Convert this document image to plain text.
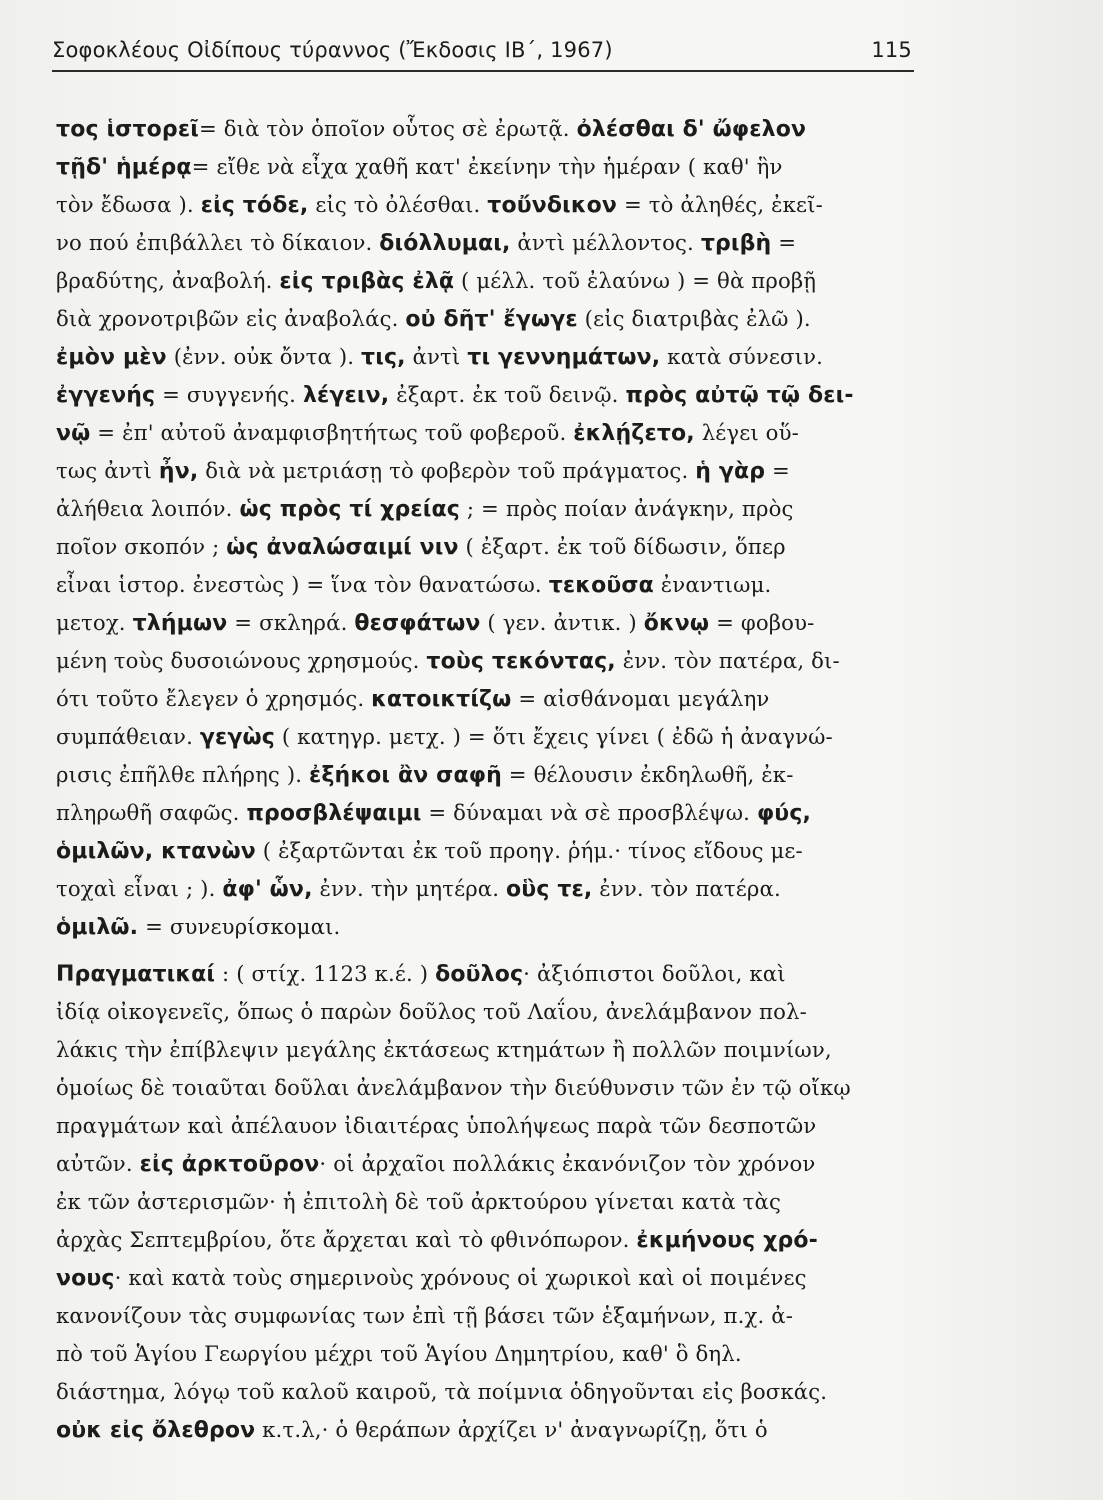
Σοφοκλέους Οἰδίπους τύραννος (Ἔκδοσις ΙΒ΄, 1967)	115
τος ἱστορεῖ= διὰ τὸν ὁποῖον οὗτος σὲ ἐρωτᾷ. ὀλέσθαι δ' ὤφελον
τῇδ' ἡμέρᾳ= εἴθε νὰ εἶχα χαθῆ κατ' ἐκείνην τὴν ἡμέραν ( καθ' ἣν
τὸν ἔδωσα ). εἰς τόδε, εἰς τὸ ὀλέσθαι. τοὔνδικον = τὸ ἀληθές, ἐκεῖ-
νο πού ἐπιβάλλει τὸ δίκαιον. διόλλυμαι, ἀντὶ μέλλοντος. τριβὴ =
βραδύτης, ἀναβολή. εἰς τριβὰς ἐλᾷ ( μέλλ. τοῦ ἐλαύνω ) = θὰ προβῇ
διὰ χρονοτριβῶν εἰς ἀναβολάς. οὐ δῆτ' ἔγωγε (εἰς διατριβὰς ἐλῶ ).
ἐμὸν μὲν (ἐνν. οὐκ ὄντα ). τις, ἀντὶ τι γεννημάτων, κατὰ σύνεσιν.
ἐγγενής = συγγενής. λέγειν, ἐξαρτ. ἐκ τοῦ δεινῷ. πρὸς αὐτῷ τῷ δει-
νῷ = ἐπ' αὐτοῦ ἀναμφισβητήτως τοῦ φοβεροῦ. ἐκλῄζετο, λέγει οὕ-
τως ἀντὶ ἦν, διὰ νὰ μετριάσῃ τὸ φοβερὸν τοῦ πράγματος. ἡ γὰρ =
ἀλήθεια λοιπόν. ὡς πρὸς τί χρείας ; = πρὸς ποίαν ἀνάγκην, πρὸς
ποῖον σκοπόν ; ὡς ἀναλώσαιμί νιν ( ἐξαρτ. ἐκ τοῦ δίδωσιν, ὅπερ
εἶναι ἱστορ. ἐνεστὼς ) = ἵνα τὸν θανατώσω. τεκοῦσα ἐναντιωμ.
μετοχ. τλήμων = σκληρά. θεσφάτων ( γεν. ἀντικ. ) ὄκνῳ = φοβου-
μένη τοὺς δυσοιώνους χρησμούς. τοὺς τεκόντας, ἐνν. τὸν πατέρα, δι-
ότι τοῦτο ἔλεγεν ὁ χρησμός. κατοικτίζω = αἰσθάνομαι μεγάλην
συμπάθειαν. γεγὼς ( κατηγρ. μετχ. ) = ὅτι ἔχεις γίνει ( ἐδῶ ἡ ἀναγνώ-
ρισις ἐπῆλθε πλήρης ). ἐξήκοι ἂν σαφῆ = θέλουσιν ἐκδηλωθῆ, ἐκ-
πληρωθῆ σαφῶς. προσβλέψαιμι = δύναμαι νὰ σὲ προσβλέψω. φύς,
ὁμιλῶν, κτανὼν ( ἐξαρτῶνται ἐκ τοῦ προηγ. ῥήμ.· τίνος εἴδους με-
τοχαὶ εἶναι ; ). ἀφ' ὧν, ἐνν. τὴν μητέρα. οὓς τε, ἐνν. τὸν πατέρα.
ὁμιλῶ. = συνευρίσκομαι.
Πραγματικαί : ( στίχ. 1123 κ.έ. ) δοῦλος· ἀξιόπιστοι δοῦλοι, καὶ
ἰδίᾳ οἰκογενεῖς, ὅπως ὁ παρὼν δοῦλος τοῦ Λαΐου, ἀνελάμβανον πολ-
λάκις τὴν ἐπίβλεψιν μεγάλης ἐκτάσεως κτημάτων ἢ πολλῶν ποιμνίων,
ὁμοίως δὲ τοιαῦται δοῦλαι ἀνελάμβανον τὴν διεύθυνσιν τῶν ἐν τῷ οἴκῳ
πραγμάτων καὶ ἀπέλαυον ἰδιαιτέρας ὑπολήψεως παρὰ τῶν δεσποτῶν
αὐτῶν. εἰς ἀρκτοῦρον· οἱ ἀρχαῖοι πολλάκις ἐκανόνιζον τὸν χρόνον
ἐκ τῶν ἀστερισμῶν· ἡ ἐπιτολὴ δὲ τοῦ ἀρκτούρου γίνεται κατὰ τὰς
ἀρχὰς Σεπτεμβρίου, ὅτε ἄρχεται καὶ τὸ φθινόπωρον. ἐκμήνους χρό-
νους· καὶ κατὰ τοὺς σημερινοὺς χρόνους οἱ χωρικοὶ καὶ οἱ ποιμένες
κανονίζουν τὰς συμφωνίας των ἐπὶ τῇ βάσει τῶν ἑξαμήνων, π.χ. ἀ-
πὸ τοῦ Ἁγίου Γεωργίου μέχρι τοῦ Ἁγίου Δημητρίου, καθ' ὃ δηλ.
διάστημα, λόγῳ τοῦ καλοῦ καιροῦ, τὰ ποίμνια ὁδηγοῦνται εἰς βοσκάς.
οὐκ εἰς ὄλεθρον κ.τ.λ,· ὁ θεράπων ἀρχίζει ν' ἀναγνωρίζῃ, ὅτι ὁ
